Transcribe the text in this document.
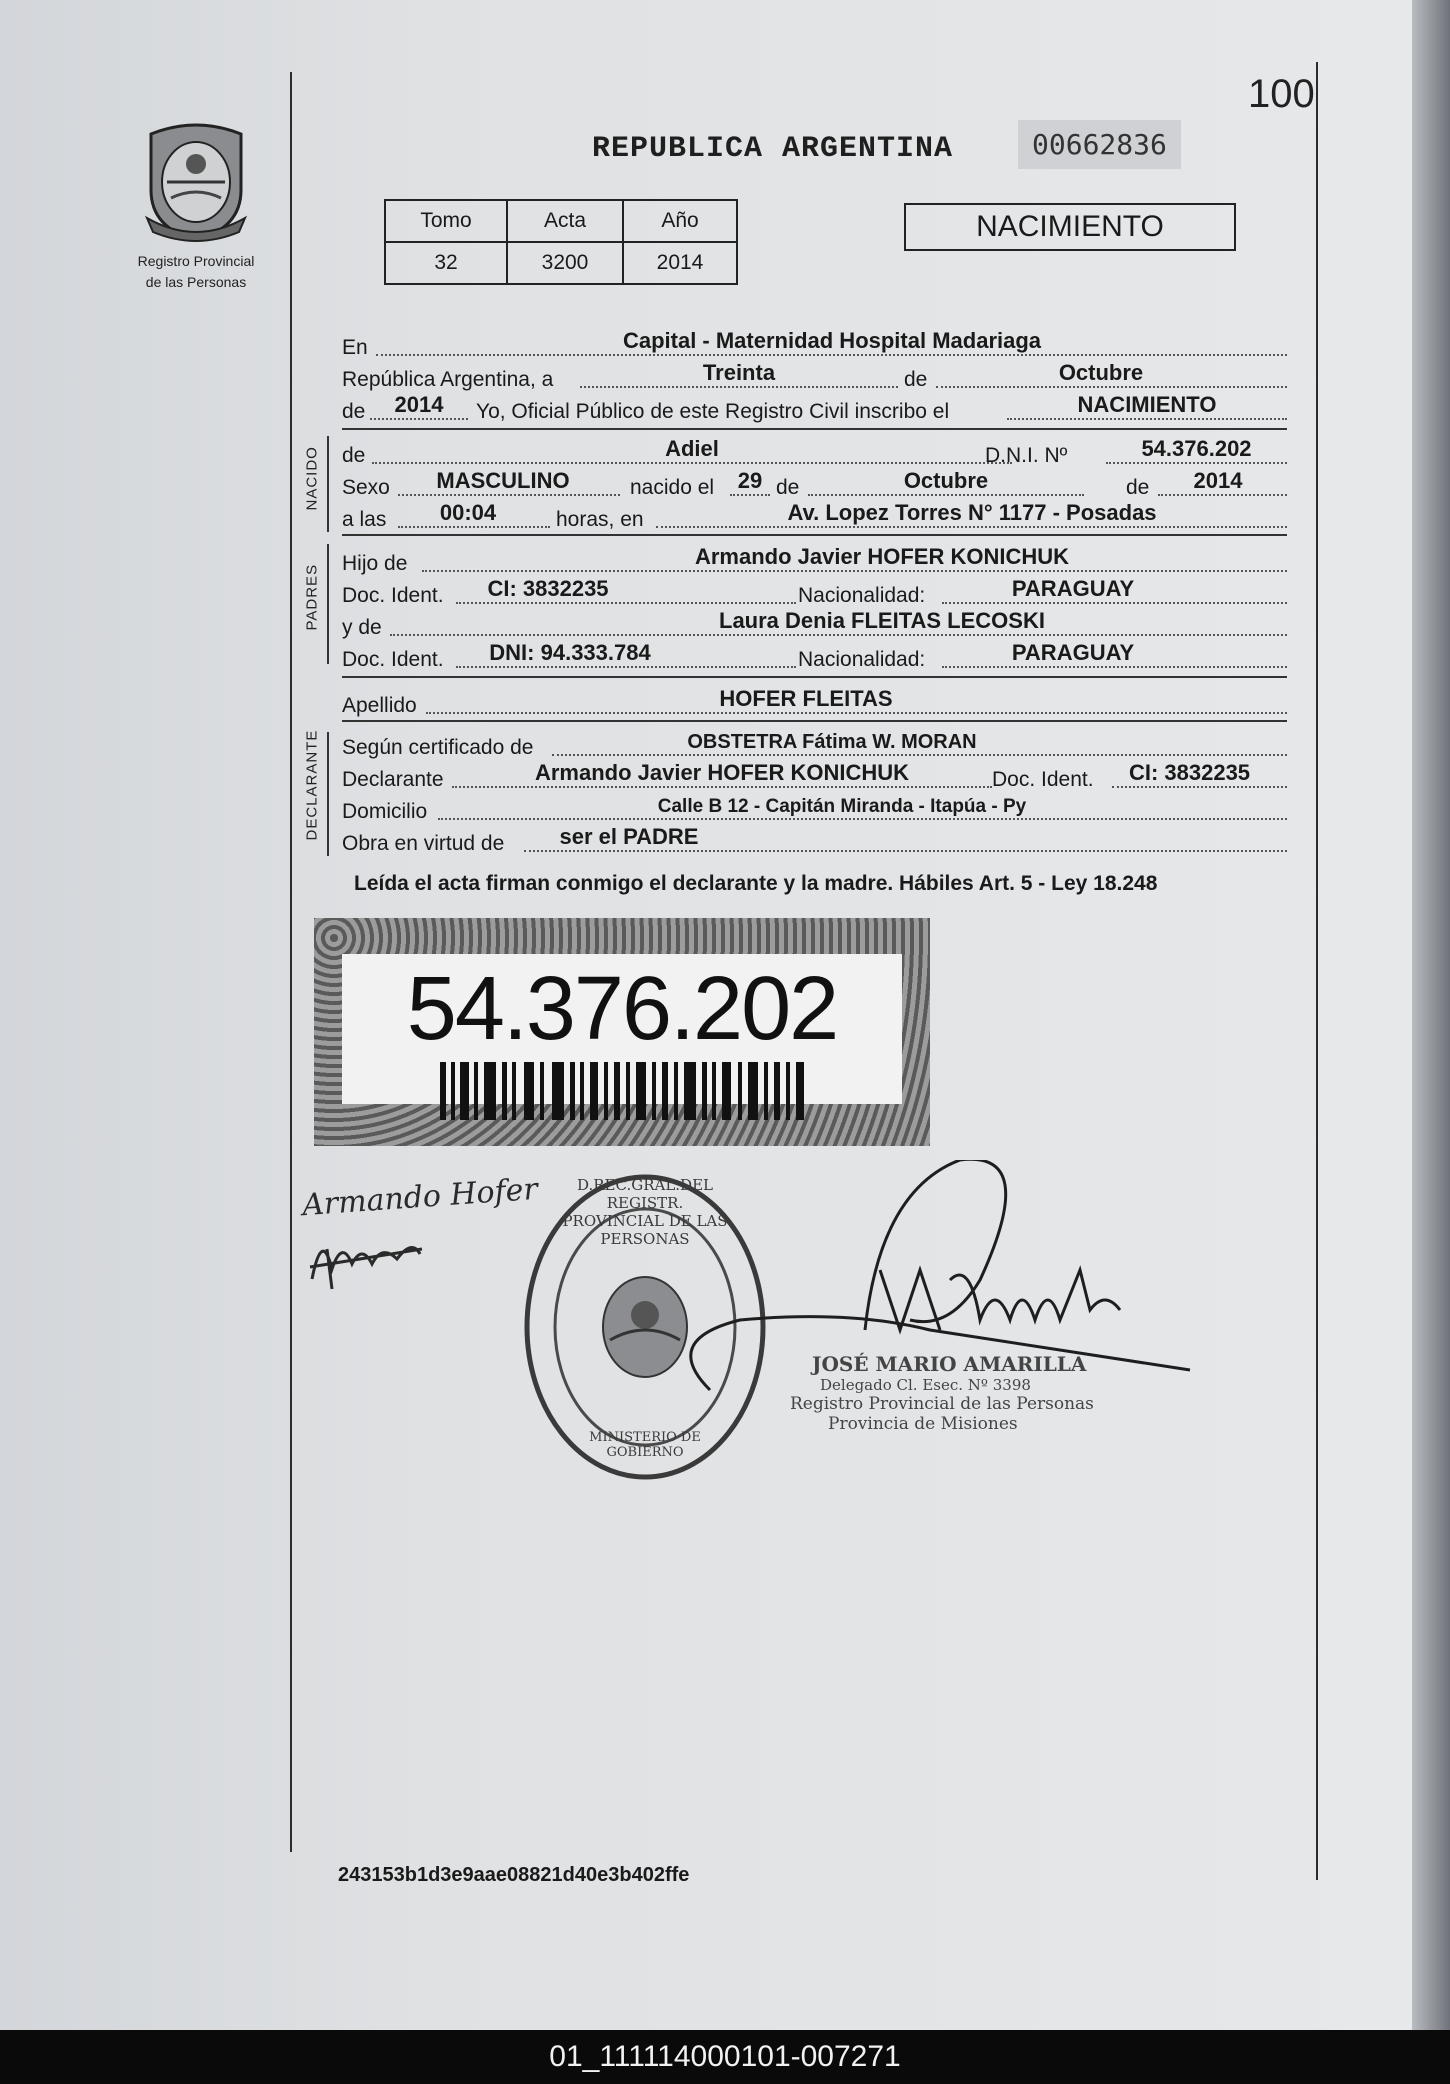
100
Registro Provincial
de las Personas
REPUBLICA ARGENTINA	00662836
Tomo	Acta	Año
32	3200	2014
NACIMIENTO
En	Capital - Maternidad Hospital Madariaga
República Argentina, a	Treinta	de	Octubre
de	2014	Yo, Oficial Público de este Registro Civil inscribo el	NACIMIENTO
NACIDO de	Adiel	D.N.I. Nº	54.376.202
Sexo	MASCULINO	nacido el	29 de	Octubre	de	2014
a las	00:04	horas, en	Av. Lopez Torres N° 1177 - Posadas
PADRES
Hijo de	Armando Javier HOFER KONICHUK
Doc. Ident.	CI: 3832235	Nacionalidad:	PARAGUAY
y de	Laura Denia FLEITAS LECOSKI
Doc. Ident.	DNI: 94.333.784	Nacionalidad:	PARAGUAY
Apellido	HOFER FLEITAS
DECLARANTE Según certificado de	OBSTETRA Fátima W. MORAN
Declarante	Armando Javier HOFER KONICHUK	Doc. Ident.	CI: 3832235
Domicilio	Calle B 12 - Capitán Miranda - Itapúa - Py
Obra en virtud de	ser el PADRE
Leída el acta firman conmigo el declarante y la madre. Hábiles Art. 5 - Ley 18.248
54.376.202
Armando Hofer	D.REC.GRAL.DEL REGISTR. PROVINCIAL DE LAS PERSONAS
MINISTERIO DE GOBIERNO
JOSÉ MARIO AMARILLA
Delegado Cl. Esec. Nº 3398
Registro Provincial de las Personas
Provincia de Misiones
243153b1d3e9aae08821d40e3b402ffe
01_111114000101-007271
